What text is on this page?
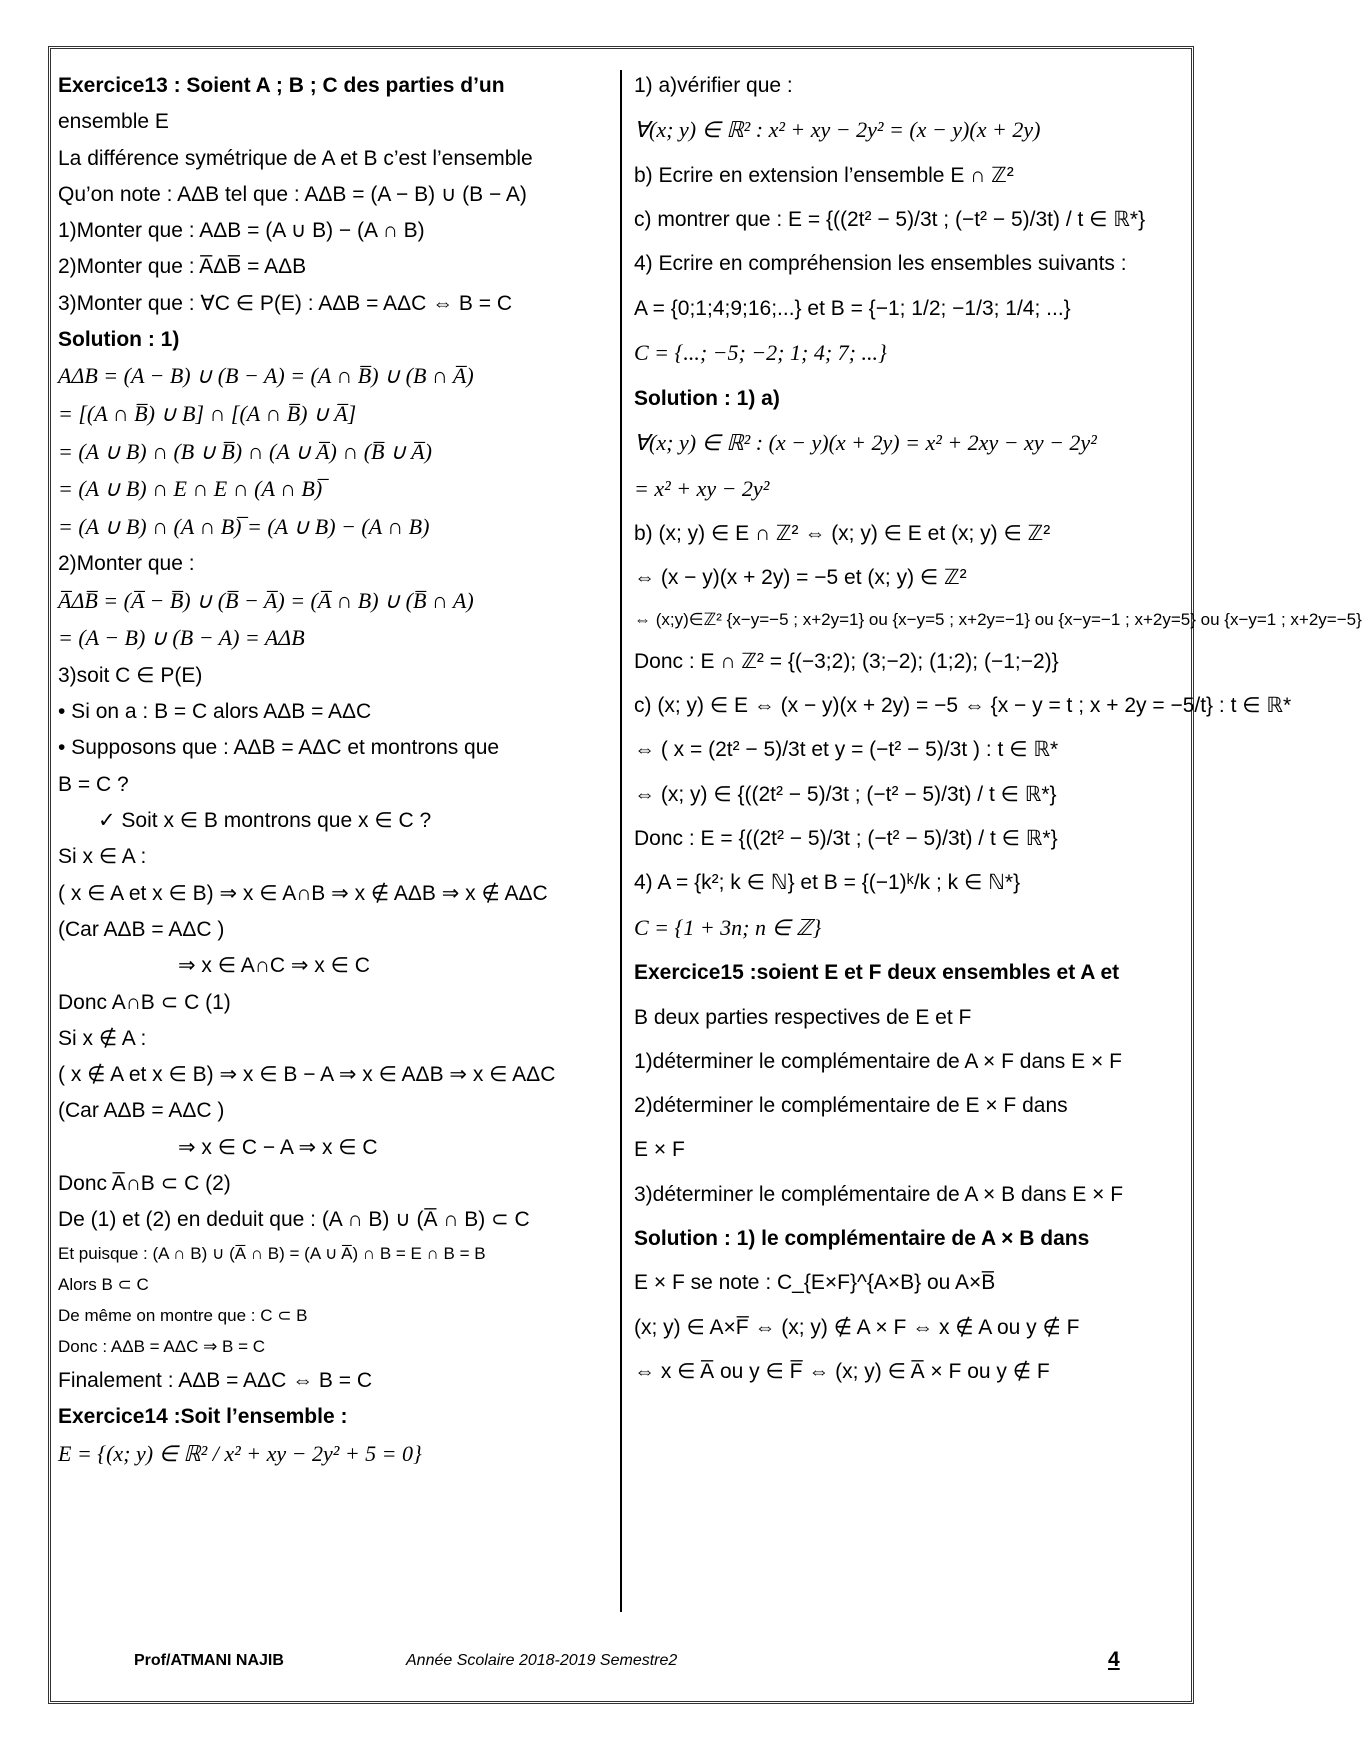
Exercice13 : Soient A ; B ; C des parties d’un
ensemble E
La différence symétrique de A et B c’est l’ensemble
Qu’on note : AΔB tel que : AΔB = (A − B) ∪ (B − A)
1)Monter que : AΔB = (A ∪ B) − (A ∩ B)
2)Monter que : A̅ΔB̅ = AΔB
3)Monter que : ∀C ∈ P(E) : AΔB = AΔC ⇔ B = C
Solution : 1)
AΔB = (A − B) ∪ (B − A) = (A ∩ B̅) ∪ (B ∩ A̅)
= [(A ∩ B̅) ∪ B] ∩ [(A ∩ B̅) ∪ A̅]
= (A ∪ B) ∩ (B ∪ B̅) ∩ (A ∪ A̅) ∩ (B̅ ∪ A̅)
= (A ∪ B) ∩ E ∩ E ∩ (A ∩ B)̅
= (A ∪ B) ∩ (A ∩ B)̅ = (A ∪ B) − (A ∩ B)
2)Monter que :
A̅ΔB̅ = (A̅ − B̅) ∪ (B̅ − A̅) = (A̅ ∩ B) ∪ (B̅ ∩ A)
= (A − B) ∪ (B − A) = AΔB
3)soit C ∈ P(E)
• Si on a : B = C alors AΔB = AΔC
• Supposons que : AΔB = AΔC et montrons que
B = C ?
✓ Soit x ∈ B montrons que x ∈ C ?
Si x ∈ A :
( x ∈ A et x ∈ B) ⇒ x ∈ A∩B ⇒ x ∉ AΔB ⇒ x ∉ AΔC
(Car AΔB = AΔC )
⇒ x ∈ A∩C ⇒ x ∈ C
Donc A∩B ⊂ C (1)
Si x ∉ A :
( x ∉ A et x ∈ B) ⇒ x ∈ B − A ⇒ x ∈ AΔB ⇒ x ∈ AΔC
(Car AΔB = AΔC )
⇒ x ∈ C − A ⇒ x ∈ C
Donc A̅∩B ⊂ C (2)
De (1) et (2) en deduit que : (A ∩ B) ∪ (A̅ ∩ B) ⊂ C
Et puisque : (A ∩ B) ∪ (A̅ ∩ B) = (A ∪ A̅) ∩ B = E ∩ B = B
Alors B ⊂ C
De même on montre que : C ⊂ B
Donc : AΔB = AΔC ⇒ B = C
Finalement : AΔB = AΔC ⇔ B = C
Exercice14 :Soit l’ensemble :
E = {(x; y) ∈ ℝ² / x² + xy − 2y² + 5 = 0}
1) a)vérifier que :
∀(x; y) ∈ ℝ² : x² + xy − 2y² = (x − y)(x + 2y)
b) Ecrire en extension l’ensemble E ∩ ℤ²
c) montrer que : E = {((2t² − 5)/3t ; (−t² − 5)/3t) / t ∈ ℝ*}
4) Ecrire en compréhension les ensembles suivants :
A = {0;1;4;9;16;...} et B = {−1; 1/2; −1/3; 1/4; ...}
C = {...; −5; −2; 1; 4; 7; ...}
Solution : 1) a)
∀(x; y) ∈ ℝ² : (x − y)(x + 2y) = x² + 2xy − xy − 2y²
= x² + xy − 2y²
b) (x; y) ∈ E ∩ ℤ² ⇔ (x; y) ∈ E et (x; y) ∈ ℤ²
⇔ (x − y)(x + 2y) = −5 et (x; y) ∈ ℤ²
⇔ (x;y)∈ℤ² {x−y=−5 ; x+2y=1} ou {x−y=5 ; x+2y=−1} ou {x−y=−1 ; x+2y=5} ou {x−y=1 ; x+2y=−5}
Donc : E ∩ ℤ² = {(−3;2); (3;−2); (1;2); (−1;−2)}
c) (x; y) ∈ E ⇔ (x − y)(x + 2y) = −5 ⇔ {x − y = t ; x + 2y = −5/t} : t ∈ ℝ*
⇔ ( x = (2t² − 5)/3t et y = (−t² − 5)/3t ) : t ∈ ℝ*
⇔ (x; y) ∈ {((2t² − 5)/3t ; (−t² − 5)/3t) / t ∈ ℝ*}
Donc : E = {((2t² − 5)/3t ; (−t² − 5)/3t) / t ∈ ℝ*}
4) A = {k²; k ∈ ℕ} et B = {(−1)ᵏ/k ; k ∈ ℕ*}
C = {1 + 3n; n ∈ ℤ}
Exercice15 :soient E et F deux ensembles et A et
B deux parties respectives de E et F
1)déterminer le complémentaire de A × F dans E × F
2)déterminer le complémentaire de E × F dans
E × F
3)déterminer le complémentaire de A × B dans E × F
Solution : 1) le complémentaire de A × B dans
E × F se note : C_{E×F}^{A×B} ou A×B̅
(x; y) ∈ A×F̅ ⇔ (x; y) ∉ A × F ⇔ x ∉ A ou y ∉ F
⇔ x ∈ A̅ ou y ∈ F̅ ⇔ (x; y) ∈ A̅ × F ou y ∉ F
Prof/ATMANI NAJIB	Année Scolaire 2018-2019 Semestre2	4
